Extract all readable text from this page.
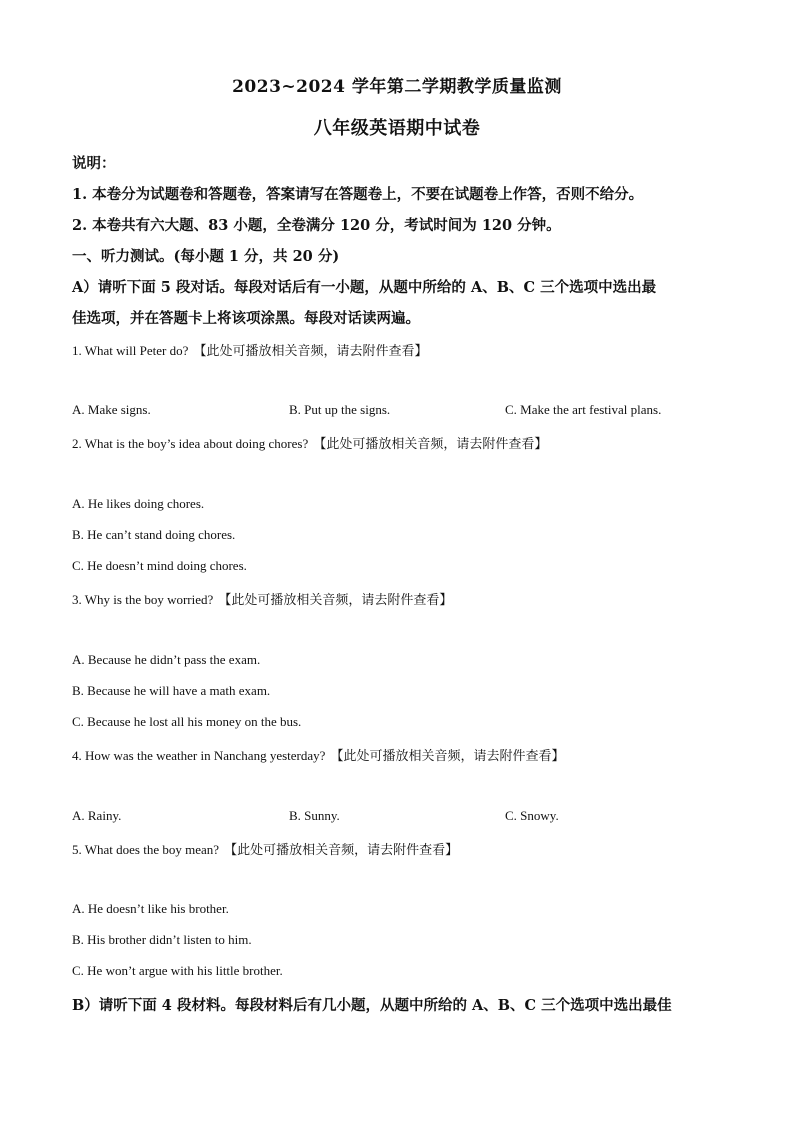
2023~2024 学年第二学期教学质量监测
八年级英语期中试卷
说明：
1. 本卷分为试题卷和答题卷，答案请写在答题卷上，不要在试题卷上作答，否则不给分。
2. 本卷共有六大题、83 小题，全卷满分 120 分，考试时间为 120 分钟。
一、听力测试。(每小题 1 分，共 20 分)
A）请听下面 5 段对话。每段对话后有一小题，从题中所给的 A、B、C 三个选项中选出最
佳选项，并在答题卡上将该项涂黑。每段对话读两遍。
1. What will Peter do? 【此处可播放相关音频，请去附件查看】
A. Make signs.	B. Put up the signs.	C. Make the art festival plans.
2. What is the boy’s idea about doing chores? 【此处可播放相关音频，请去附件查看】
A. He likes doing chores.
B. He can’t stand doing chores.
C. He doesn’t mind doing chores.
3. Why is the boy worried? 【此处可播放相关音频，请去附件查看】
A. Because he didn’t pass the exam.
B. Because he will have a math exam.
C. Because he lost all his money on the bus.
4. How was the weather in Nanchang yesterday? 【此处可播放相关音频，请去附件查看】
A. Rainy.	B. Sunny.	C. Snowy.
5. What does the boy mean? 【此处可播放相关音频，请去附件查看】
A. He doesn’t like his brother.
B. His brother didn’t listen to him.
C. He won’t argue with his little brother.
B）请听下面 4 段材料。每段材料后有几小题，从题中所给的 A、B、C 三个选项中选出最佳
